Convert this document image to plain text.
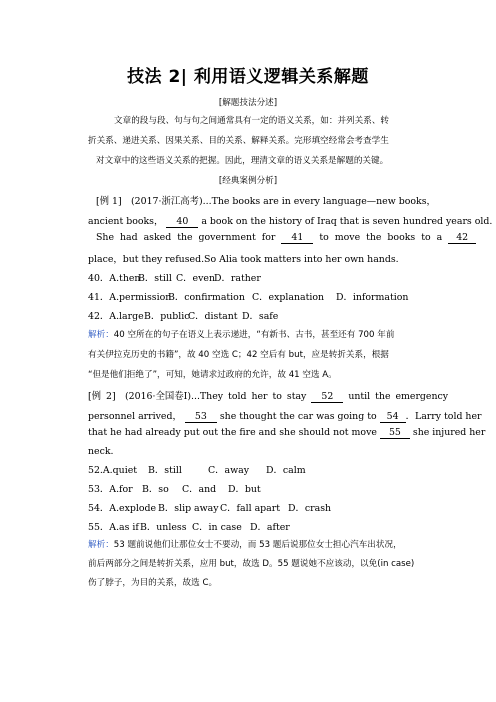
技法 2| 利用语义逻辑关系解题
[解题技法分述]
文章的段与段、句与句之间通常具有一定的语义关系，如：并列关系、转
折关系、递进关系、因果关系、目的关系、解释关系。完形填空经常会考查学生
对文章中的这些语义关系的把握。因此，理清文章的语义关系是解题的关键。
[经典案例分析]
[例 1]　(2017·浙江高考)...The books are in every language—new books，
ancient books， 40 a book on the history of Iraq that is seven hundred years old.
She had asked the government for 41 to move the books to a 42
place，but they refused.So Alia took matters into her own hands.
40．A.thenB．still C．evenD．rather
41．A.permissionB．confirmation C．explanation D．information
42．A.largeB．publicC．distant D．safe
解析：40 空所在的句子在语义上表示递进，“有新书、古书，甚至还有 700 年前
有关伊拉克历史的书籍”，故 40 空选 C；42 空后有 but，应是转折关系，根据
“但是他们拒绝了”，可知，她请求过政府的允许，故 41 空选 A。
[例 2]　(2016·全国卷Ⅰ)...They told her to stay 52 until the emergency
personnel arrived， 53 she thought the car was going to 54 ．Larry told her
that he had already put out the fire and she should not move 55 she injured her
neck.
52.A.quiet B．still	C．away D．calm
53．A.for B．so C．and D．but
54．A.explode B．slip awayC．fall apart D．crash
55．A.as ifB．unless C．in case D．after
解析：53 题前说他们让那位女士不要动，而 53 题后说那位女士担心汽车出状况，
前后两部分之间是转折关系，应用 but，故选 D。55 题说她不应该动，以免(in case)
伤了脖子，为目的关系，故选 C。
